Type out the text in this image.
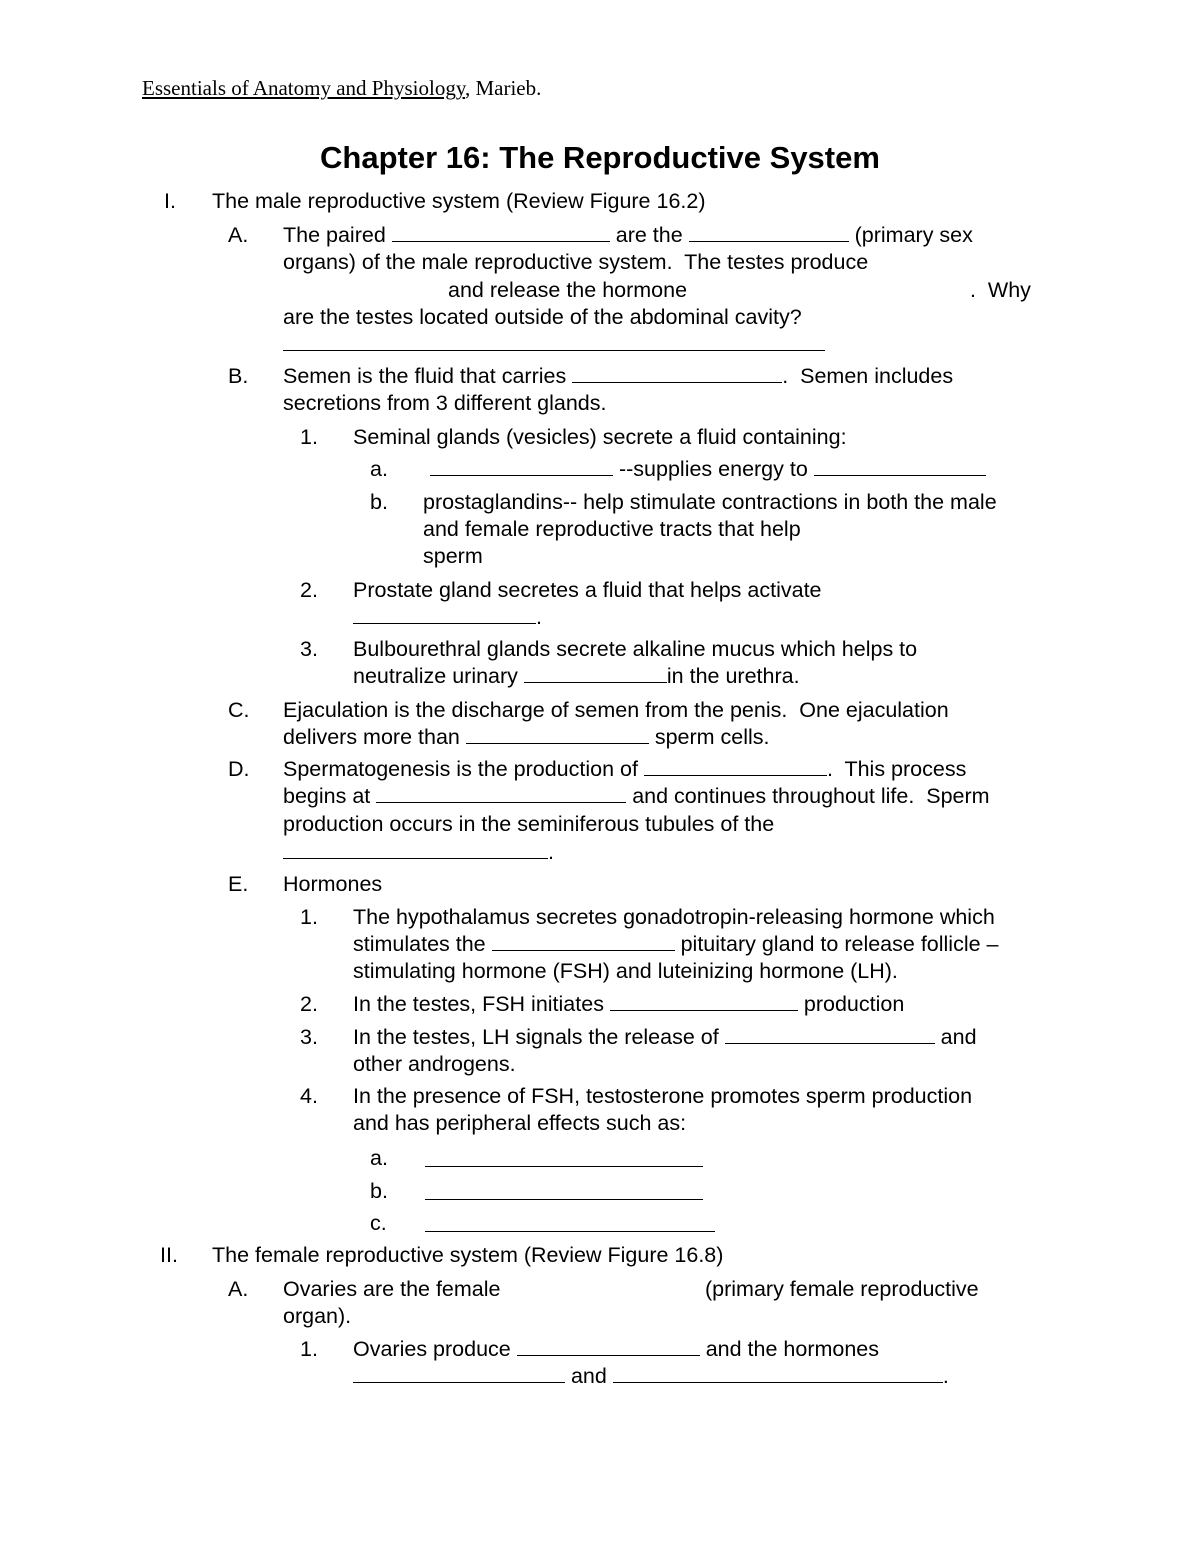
Essentials of Anatomy and Physiology, Marieb.
Chapter 16: The Reproductive System
I. The male reproductive system (Review Figure 16.2)
A. The paired	are the	(primary sex
organs) of the male reproductive system.  The testes produce
and release the hormone	.  Why
are the testes located outside of the abdominal cavity?
B. Semen is the fluid that carries	.  Semen includes
secretions from 3 different glands.
1. Seminal glands (vesicles) secrete a fluid containing:
a.	--supplies energy to
b. prostaglandins-- help stimulate contractions in both the male
and female reproductive tracts that help
sperm
2. Prostate gland secretes a fluid that helps activate
.
3. Bulbourethral glands secrete alkaline mucus which helps to
neutralize urinary	in the urethra.
C. Ejaculation is the discharge of semen from the penis.  One ejaculation
delivers more than	sperm cells.
D. Spermatogenesis is the production of	.  This process
begins at	and continues throughout life.  Sperm
production occurs in the seminiferous tubules of the
.
E. Hormones
1. The hypothalamus secretes gonadotropin-releasing hormone which
stimulates the	pituitary gland to release follicle –
stimulating hormone (FSH) and luteinizing hormone (LH).
2. In the testes, FSH initiates	production
3. In the testes, LH signals the release of	and
other androgens.
4. In the presence of FSH, testosterone promotes sperm production
and has peripheral effects such as:
a.
b.
c.
II. The female reproductive system (Review Figure 16.8)
A. Ovaries are the female	(primary female reproductive
organ).
1. Ovaries produce	and the hormones
and	.
